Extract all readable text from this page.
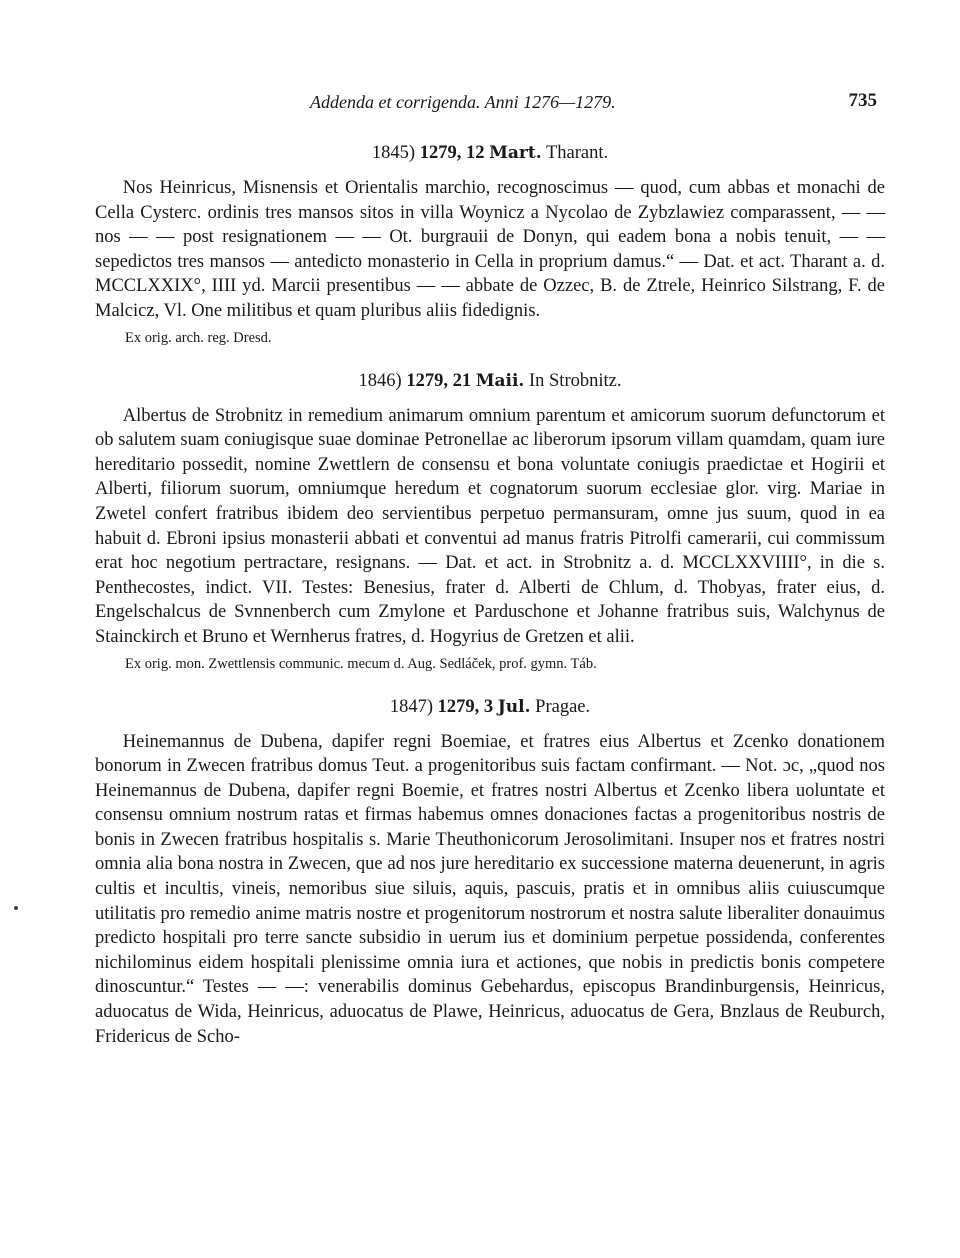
Addenda et corrigenda. Anni 1276—1279.	735
1845) 1279, 12 Mart. Tharant.

Nos Heinricus, Misnensis et Orientalis marchio, recognoscimus — quod, cum abbas et monachi de Cella Cysterc. ordinis tres mansos sitos in villa Woynicz a Nycolao de Zybzlawiez comparassent, — — nos — — post resignationem — — Ot. burgrauii de Donyn, qui eadem bona a nobis tenuit, — — sepedictos tres mansos — antedicto monasterio in Cella in proprium damus.“ — Dat. et act. Tharant a. d. MCCLXXIX°, IIII yd. Marcii presentibus — — abbate de Ozzec, B. de Ztrele, Heinrico Silstrang, F. de Malcicz, Vl. One militibus et quam pluribus aliis fidedignis.

Ex orig. arch. reg. Dresd.
1846) 1279, 21 Maii. In Strobnitz.

Albertus de Strobnitz in remedium animarum omnium parentum et amicorum suorum defunctorum et ob salutem suam coniugisque suae dominae Petronellae ac liberorum ipsorum villam quamdam, quam iure hereditario possedit, nomine Zwettlern de consensu et bona voluntate coniugis praedictae et Hogirii et Alberti, filiorum suorum, omniumque heredum et cognatorum suorum ecclesiae glor. virg. Mariae in Zwetel confert fratribus ibidem deo servientibus perpetuo permansuram, omne jus suum, quod in ea habuit d. Ebroni ipsius monasterii abbati et conventui ad manus fratris Pitrolfi camerarii, cui commissum erat hoc negotium pertractare, resignans. — Dat. et act. in Strobnitz a. d. MCCLXXVIIII°, in die s. Penthecostes, indict. VII. Testes: Benesius, frater d. Alberti de Chlum, d. Thobyas, frater eius, d. Engelschalcus de Svnnenberch cum Zmylone et Parduschone et Johanne fratribus suis, Walchynus de Stainckirch et Bruno et Wernherus fratres, d. Hogyrius de Gretzen et alii.

Ex orig. mon. Zwettlensis communic. mecum d. Aug. Sedláček, prof. gymn. Táb.
1847) 1279, 3 Jul. Pragae.

Heinemannus de Dubena, dapifer regni Boemiae, et fratres eius Albertus et Zcenko donationem bonorum in Zwecen fratribus domus Teut. a progenitoribus suis factam confirmant. — Not. ɔc, „quod nos Heinemannus de Dubena, dapifer regni Boemie, et fratres nostri Albertus et Zcenko libera uoluntate et consensu omnium nostrum ratas et firmas habemus omnes donaciones factas a progenitoribus nostris de bonis in Zwecen fratribus hospitalis s. Marie Theuthonicorum Jerosolimitani. Insuper nos et fratres nostri omnia alia bona nostra in Zwecen, que ad nos jure hereditario ex successione materna deuenerunt, in agris cultis et incultis, vineis, nemoribus siue siluis, aquis, pascuis, pratis et in omnibus aliis cuiuscumque utilitatis pro remedio anime matris nostre et progenitorum nostrorum et nostra salute liberaliter donauimus predicto hospitali pro terre sancte subsidio in uerum ius et dominium perpetue possidenda, conferentes nichilominus eidem hospitali plenissime omnia iura et actiones, que nobis in predictis bonis competere dinoscuntur.“ Testes — —: venerabilis dominus Gebehardus, episcopus Brandinburgensis, Heinricus, aduocatus de Wida, Heinricus, aduocatus de Plawe, Heinricus, aduocatus de Gera, Bnzlaus de Reuburch, Fridericus de Scho-
